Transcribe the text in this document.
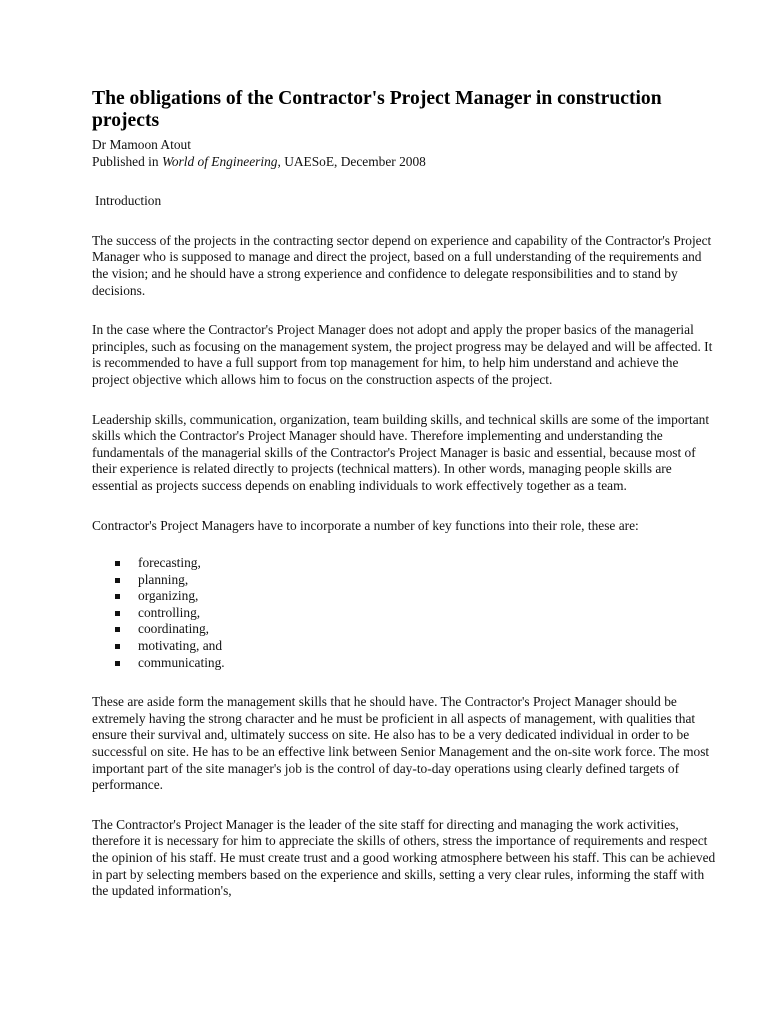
The obligations of the Contractor's Project Manager in construction projects

Dr Mamoon Atout

Published in World of Engineering, UAESoE, December 2008

Introduction

The success of the projects in the contracting sector depend on experience and capability of the Contractor's Project Manager who is supposed to manage and direct the project, based on a full understanding of the requirements and the vision; and he should have a strong experience and confidence to delegate responsibilities and to stand by decisions.

In the case where the Contractor's Project Manager does not adopt and apply the proper basics of the managerial principles, such as focusing on the management system, the project progress may be delayed and will be affected. It is recommended to have a full support from top management for him, to help him understand and achieve the project objective which allows him to focus on the construction aspects of the project.

Leadership skills, communication, organization, team building skills, and technical skills are some of the important skills which the Contractor's Project Manager should have. Therefore implementing and understanding the fundamentals of the managerial skills of the Contractor's Project Manager is basic and essential, because most of their experience is related directly to projects (technical matters). In other words, managing people skills are essential as projects success depends on enabling individuals to work effectively together as a team.

Contractor's Project Managers have to incorporate a number of key functions into their role, these are:

forecasting,
planning,
organizing,
controlling,
coordinating,
motivating, and
communicating.

These are aside form the management skills that he should have. The Contractor's Project Manager should be extremely having the strong character and he must be proficient in all aspects of management, with qualities that ensure their survival and, ultimately success on site. He also has to be a very dedicated individual in order to be successful on site. He has to be an effective link between Senior Management and the on-site work force. The most important part of the site manager's job is the control of day-to-day operations using clearly defined targets of performance.

The Contractor's Project Manager is the leader of the site staff for directing and managing the work activities, therefore it is necessary for him to appreciate the skills of others, stress the importance of requirements and respect the opinion of his staff. He must create trust and a good working atmosphere between his staff. This can be achieved in part by selecting members based on the experience and skills, setting a very clear rules, informing the staff with the updated information's,
